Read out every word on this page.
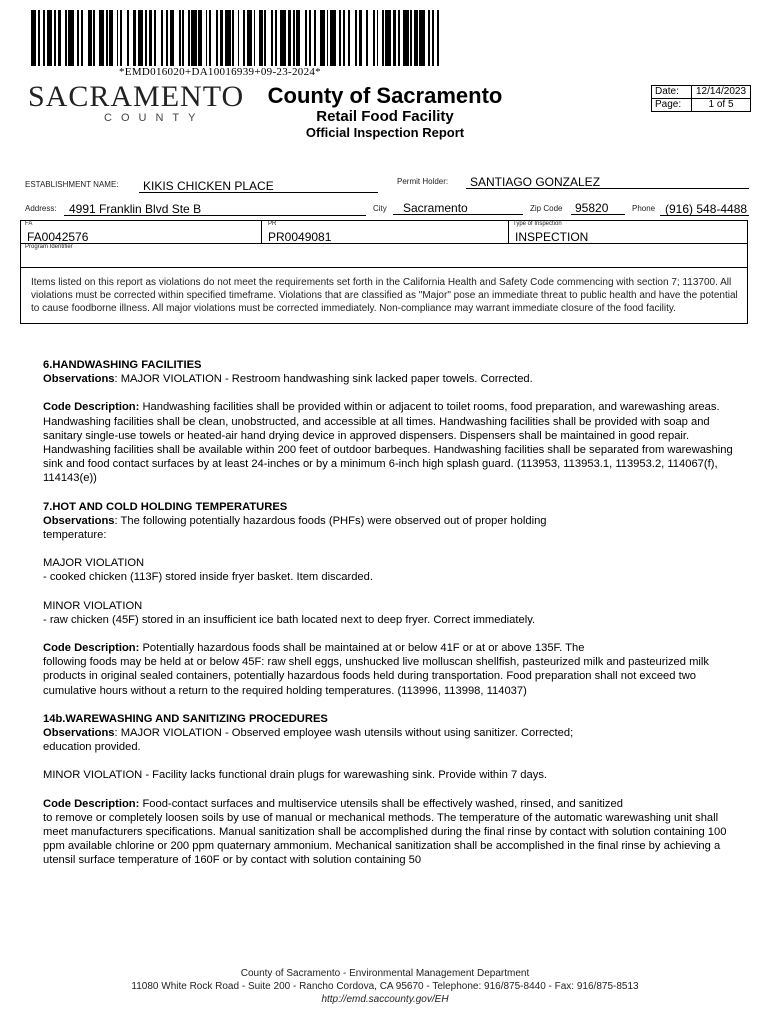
*EMD016020+DA10016939+09-23-2024*
SACRAMENTO
COUNTY
County of Sacramento
Retail Food Facility
Official Inspection Report
Date:	12/14/2023
Page:	1 of 5
ESTABLISHMENT NAME: KIKIS CHICKEN PLACE	Permit Holder: SANTIAGO GONZALEZ
Address: 4991 Franklin Blvd Ste B	City Sacramento	Zip Code 95820	Phone (916) 548-4488
FA
FA0042576
PR
PR0049081
Type of Inspection
INSPECTION
Program Identifier
Items listed on this report as violations do not meet the requirements set forth in the California Health and Safety Code commencing with section 7; 113700. All violations must be corrected within specified timeframe. Violations that are classified as "Major" pose an immediate threat to public health and have the potential to cause foodborne illness. All major violations must be corrected immediately. Non-compliance may warrant immediate closure of the food facility.

6.HANDWASHING FACILITIES

Observations: MAJOR VIOLATION - Restroom handwashing sink lacked paper towels. Corrected.

Code Description: Handwashing facilities shall be provided within or adjacent to toilet rooms, food preparation, and warewashing areas. Handwashing facilities shall be clean, unobstructed, and accessible at all times. Handwashing facilities shall be provided with soap and sanitary single-use towels or heated-air hand drying device in approved dispensers. Dispensers shall be maintained in good repair. Handwashing facilities shall be available within 200 feet of outdoor barbeques. Handwashing facilities shall be separated from warewashing sink and food contact surfaces by at least 24-inches or by a minimum 6-inch high splash guard. (113953, 113953.1, 113953.2, 114067(f), 114143(e))

7.HOT AND COLD HOLDING TEMPERATURES

Observations: The following potentially hazardous foods (PHFs) were observed out of proper holding

temperature:

MAJOR VIOLATION

- cooked chicken (113F) stored inside fryer basket. Item discarded.

MINOR VIOLATION

- raw chicken (45F) stored in an insufficient ice bath located next to deep fryer. Correct immediately.

Code Description: Potentially hazardous foods shall be maintained at or below 41F or at or above 135F. The

following foods may be held at or below 45F: raw shell eggs, unshucked live molluscan shellfish, pasteurized milk and pasteurized milk products in original sealed containers, potentially hazardous foods held during transportation. Food preparation shall not exceed two cumulative hours without a return to the required holding temperatures. (113996, 113998, 114037)

14b.WAREWASHING AND SANITIZING PROCEDURES

Observations: MAJOR VIOLATION - Observed employee wash utensils without using sanitizer. Corrected;

education provided.

MINOR VIOLATION - Facility lacks functional drain plugs for warewashing sink. Provide within 7 days.

Code Description: Food-contact surfaces and multiservice utensils shall be effectively washed, rinsed, and sanitized

to remove or completely loosen soils by use of manual or mechanical methods. The temperature of the automatic warewashing unit shall meet manufacturers specifications. Manual sanitization shall be accomplished during the final rinse by contact with solution containing 100 ppm available chlorine or 200 ppm quaternary ammonium. Mechanical sanitization shall be accomplished in the final rinse by achieving a utensil surface temperature of 160F or by contact with solution containing 50

County of Sacramento - Environmental Management Department
11080 White Rock Road - Suite 200 - Rancho Cordova, CA 95670 - Telephone: 916/875-8440 - Fax: 916/875-8513
http://emd.saccounty.gov/EH
